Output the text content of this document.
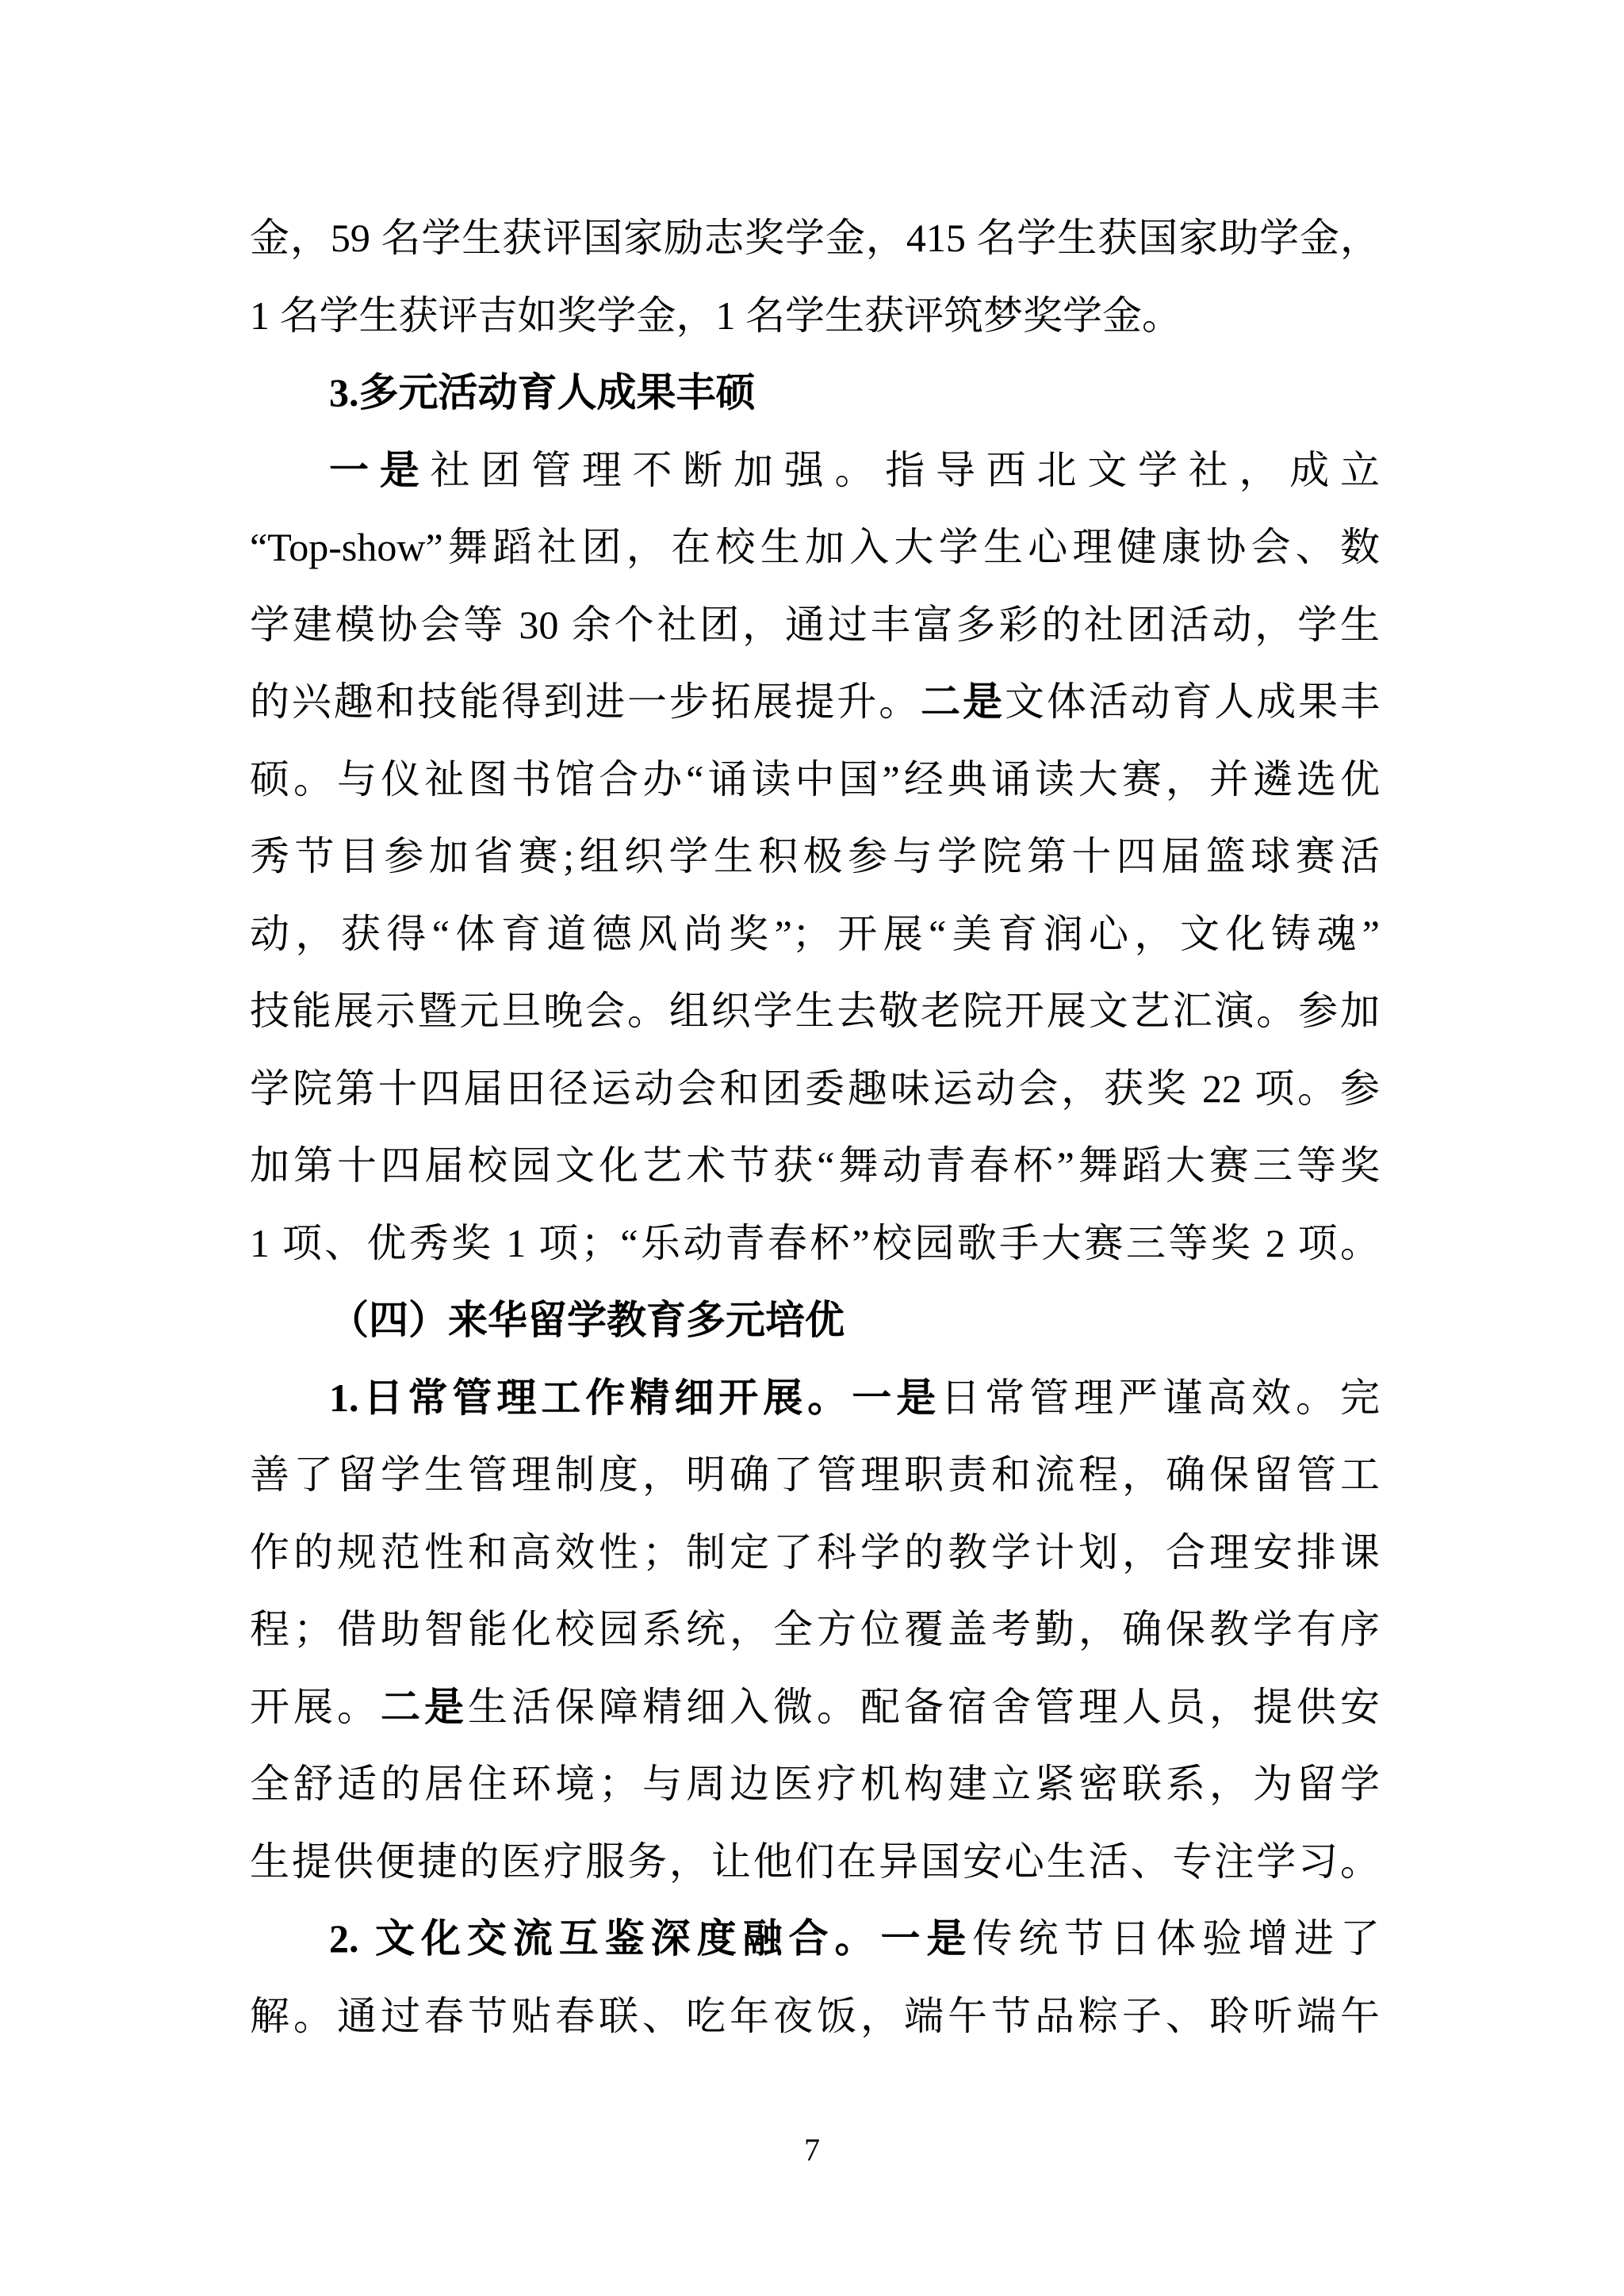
金，59 名学生获评国家励志奖学金，415 名学生获国家助学金，
1 名学生获评吉如奖学金，1 名学生获评筑梦奖学金。
3.多元活动育人成果丰硕
一是社团管理不断加强。指导西北文学社，成立
“Top-show”舞蹈社团，在校生加入大学生心理健康协会、数
学建模协会等 30 余个社团，通过丰富多彩的社团活动，学生
的兴趣和技能得到进一步拓展提升。二是文体活动育人成果丰
硕。与仪祉图书馆合办“诵读中国”经典诵读大赛，并遴选优
秀节目参加省赛;组织学生积极参与学院第十四届篮球赛活
动，获得“体育道德风尚奖”；开展“美育润心，文化铸魂”
技能展示暨元旦晚会。组织学生去敬老院开展文艺汇演。参加
学院第十四届田径运动会和团委趣味运动会，获奖 22 项。参
加第十四届校园文化艺术节获“舞动青春杯”舞蹈大赛三等奖
1 项、优秀奖 1 项；“乐动青春杯”校园歌手大赛三等奖 2 项。
（四）来华留学教育多元培优
1.日常管理工作精细开展。一是日常管理严谨高效。完
善了留学生管理制度，明确了管理职责和流程，确保留管工
作的规范性和高效性；制定了科学的教学计划，合理安排课
程；借助智能化校园系统，全方位覆盖考勤，确保教学有序
开展。二是生活保障精细入微。配备宿舍管理人员，提供安
全舒适的居住环境；与周边医疗机构建立紧密联系，为留学
生提供便捷的医疗服务，让他们在异国安心生活、专注学习。
2. 文化交流互鉴深度融合。一是传统节日体验增进了
解。通过春节贴春联、吃年夜饭，端午节品粽子、聆听端午
7
